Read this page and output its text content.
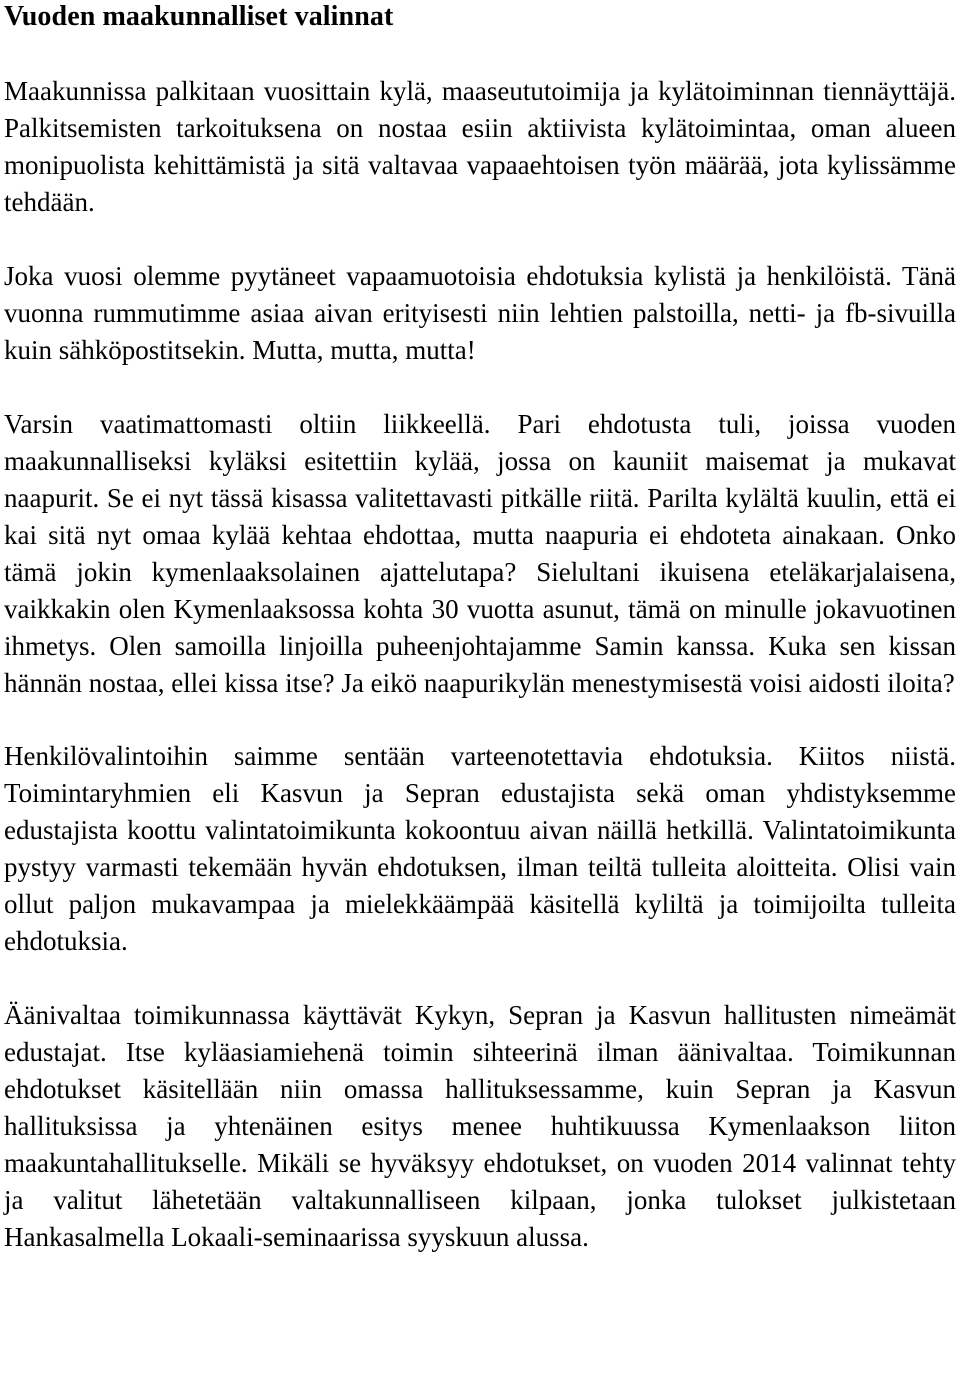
Vuoden maakunnalliset valinnat

Maakunnissa palkitaan vuosittain kylä, maaseututoimija ja kylätoiminnan tiennäyttäjä. Palkitsemisten tarkoituksena on nostaa esiin aktiivista kylätoimintaa, oman alueen monipuolista kehittämistä ja sitä valtavaa vapaaehtoisen työn määrää, jota kylissämme tehdään.

Joka vuosi olemme pyytäneet vapaamuotoisia ehdotuksia kylistä ja henkilöistä. Tänä vuonna rummutimme asiaa aivan erityisesti niin lehtien palstoilla, netti- ja fb-sivuilla kuin sähköpostitsekin. Mutta, mutta, mutta!

Varsin vaatimattomasti oltiin liikkeellä. Pari ehdotusta tuli, joissa vuoden maakunnalliseksi kyläksi esitettiin kylää, jossa on kauniit maisemat ja mukavat naapurit. Se ei nyt tässä kisassa valitettavasti pitkälle riitä. Parilta kylältä kuulin, että ei kai sitä nyt omaa kylää kehtaa ehdottaa, mutta naapuria ei ehdoteta ainakaan. Onko tämä jokin kymenlaaksolainen ajattelutapa? Sielultani ikuisena eteläkarjalaisena, vaikkakin olen Kymenlaaksossa kohta 30 vuotta asunut, tämä on minulle jokavuotinen ihmetys. Olen samoilla linjoilla puheenjohtajamme Samin kanssa. Kuka sen kissan hännän nostaa, ellei kissa itse? Ja eikö naapurikylän menestymisestä voisi aidosti iloita?

Henkilövalintoihin saimme sentään varteenotettavia ehdotuksia. Kiitos niistä. Toimintaryhmien eli Kasvun ja Sepran edustajista sekä oman yhdistyksemme edustajista koottu valintatoimikunta kokoontuu aivan näillä hetkillä. Valintatoimikunta pystyy varmasti tekemään hyvän ehdotuksen, ilman teiltä tulleita aloitteita. Olisi vain ollut paljon mukavampaa ja mielekkäämpää käsitellä kyliltä ja toimijoilta tulleita ehdotuksia.

Äänivaltaa toimikunnassa käyttävät Kykyn, Sepran ja Kasvun hallitusten nimeämät edustajat. Itse kyläasiamiehenä toimin sihteerinä ilman äänivaltaa. Toimikunnan ehdotukset käsitellään niin omassa hallituksessamme, kuin Sepran ja Kasvun hallituksissa ja yhtenäinen esitys menee huhtikuussa Kymenlaakson liiton maakuntahallitukselle. Mikäli se hyväksyy ehdotukset, on vuoden 2014 valinnat tehty ja valitut lähetetään valtakunnalliseen kilpaan, jonka tulokset julkistetaan Hankasalmella Lokaali-seminaarissa syyskuun alussa.
